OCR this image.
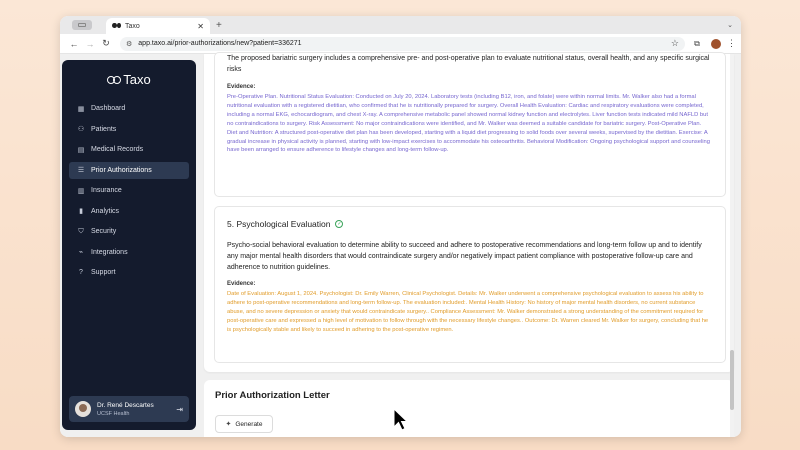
Taxo	✕ +	⌄
← → ↻	⚙ app.taxo.ai/prior-authorizations/new?patient=336271	☆	⧉	⋮
Taxo
▦ Dashboard
⚇ Patients
▤ Medical Records
☰ Prior Authorizations
▥ Insurance
▮	Analytics
⛉	Security
⌁	Integrations
?	Support
Dr. René Descartes
UCSF Health	⇥
The proposed bariatric surgery includes a comprehensive pre- and post-operative plan to evaluate nutritional status, overall health, and any specific surgical risks
Evidence:
Pre-Operative Plan. Nutritional Status Evaluation: Conducted on July 20, 2024. Laboratory tests (including B12, iron, and folate) were within normal limits. Mr. Walker also had a formal nutritional evaluation with a registered dietitian, who confirmed that he is nutritionally prepared for surgery. Overall Health Evaluation: Cardiac and respiratory evaluations were completed, including a normal EKG, echocardiogram, and chest X-ray. A comprehensive metabolic panel showed normal kidney function and electrolytes. Liver function tests indicated mild NAFLD but no contraindications to surgery. Risk Assessment: No major contraindications were identified, and Mr. Walker was deemed a suitable candidate for bariatric surgery. Post-Operative Plan. Diet and Nutrition: A structured post-operative diet plan has been developed, starting with a liquid diet progressing to solid foods over several weeks, supervised by the dietitian. Exercise: A gradual increase in physical activity is planned, starting with low-impact exercises to accommodate his osteoarthritis. Behavioral Modification: Ongoing psychological support and counseling have been arranged to ensure adherence to lifestyle changes and long-term follow-up.
5. Psychological Evaluation	✓
Psycho-social behavioral evaluation to determine ability to succeed and adhere to postoperative recommendations and long-term follow up and to identify any major mental health disorders that would contraindicate surgery and/or negatively impact patient compliance with postoperative follow-up care and adherence to nutrition guidelines.
Evidence:
Date of Evaluation: August 1, 2024. Psychologist: Dr. Emily Warren, Clinical Psychologist. Details: Mr. Walker underwent a comprehensive psychological evaluation to assess his ability to adhere to post-operative recommendations and long-term follow-up. The evaluation included:. Mental Health History: No history of major mental health disorders, no current substance abuse, and no severe depression or anxiety that would contraindicate surgery.. Compliance Assessment: Mr. Walker demonstrated a strong understanding of the commitment required for post-operative care and expressed a high level of motivation to follow through with the necessary lifestyle changes.. Outcome: Dr. Warren cleared Mr. Walker for surgery, concluding that he is psychologically stable and likely to succeed in adhering to the post-operative regimen.
Prior Authorization Letter
✦ Generate
